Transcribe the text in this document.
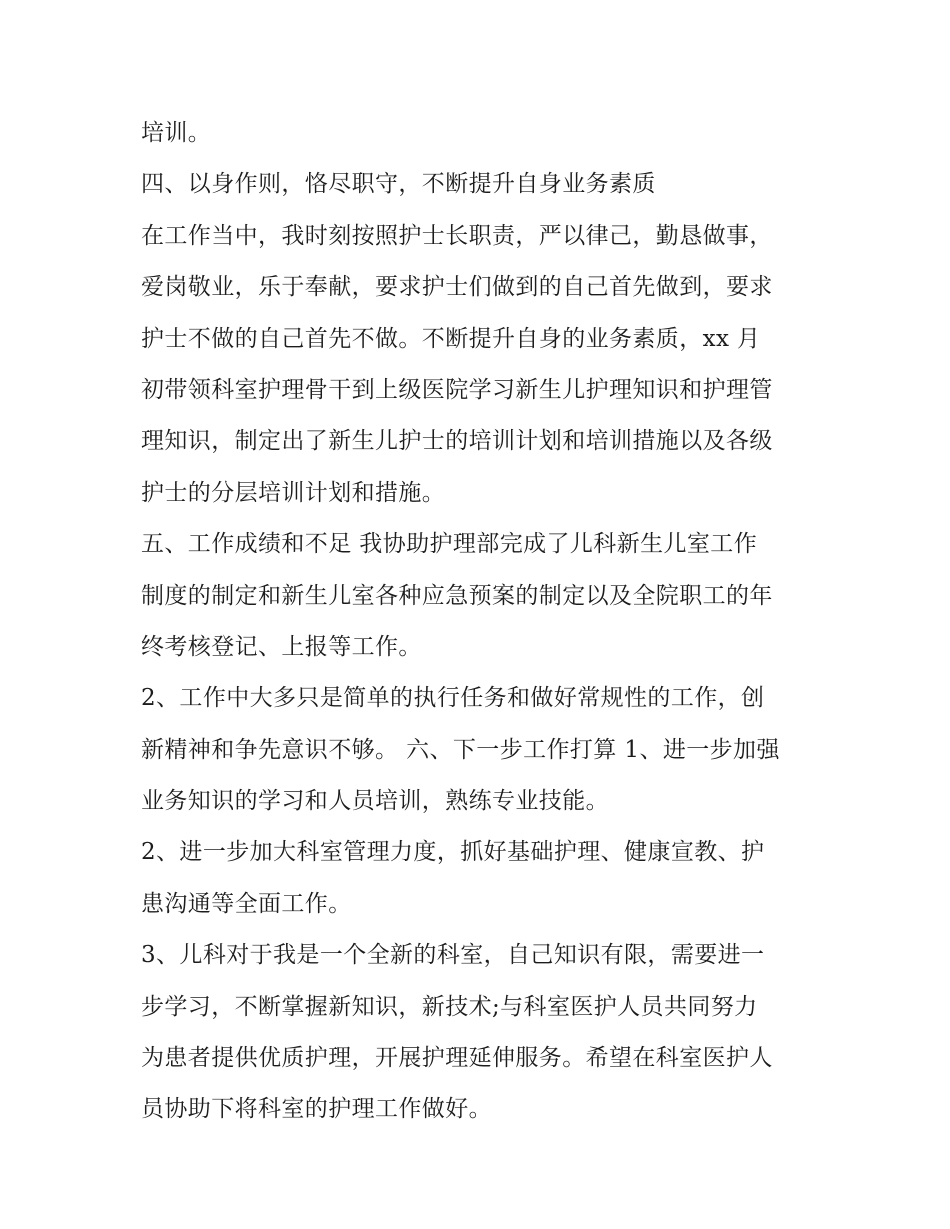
培训。
四、以身作则，恪尽职守，不断提升自身业务素质
在工作当中，我时刻按照护士长职责，严以律己，勤恳做事，
爱岗敬业，乐于奉献，要求护士们做到的自己首先做到，要求
护士不做的自己首先不做。不断提升自身的业务素质，xx 月
初带领科室护理骨干到上级医院学习新生儿护理知识和护理管
理知识，制定出了新生儿护士的培训计划和培训措施以及各级
护士的分层培训计划和措施。
五、工作成绩和不足 我协助护理部完成了儿科新生儿室工作
制度的制定和新生儿室各种应急预案的制定以及全院职工的年
终考核登记、上报等工作。
2、工作中大多只是简单的执行任务和做好常规性的工作，创
新精神和争先意识不够。 六、下一步工作打算 1、进一步加强
业务知识的学习和人员培训，熟练专业技能。
2、进一步加大科室管理力度，抓好基础护理、健康宣教、护
患沟通等全面工作。
3、儿科对于我是一个全新的科室，自己知识有限，需要进一
步学习，不断掌握新知识，新技术;与科室医护人员共同努力
为患者提供优质护理，开展护理延伸服务。希望在科室医护人
员协助下将科室的护理工作做好。
